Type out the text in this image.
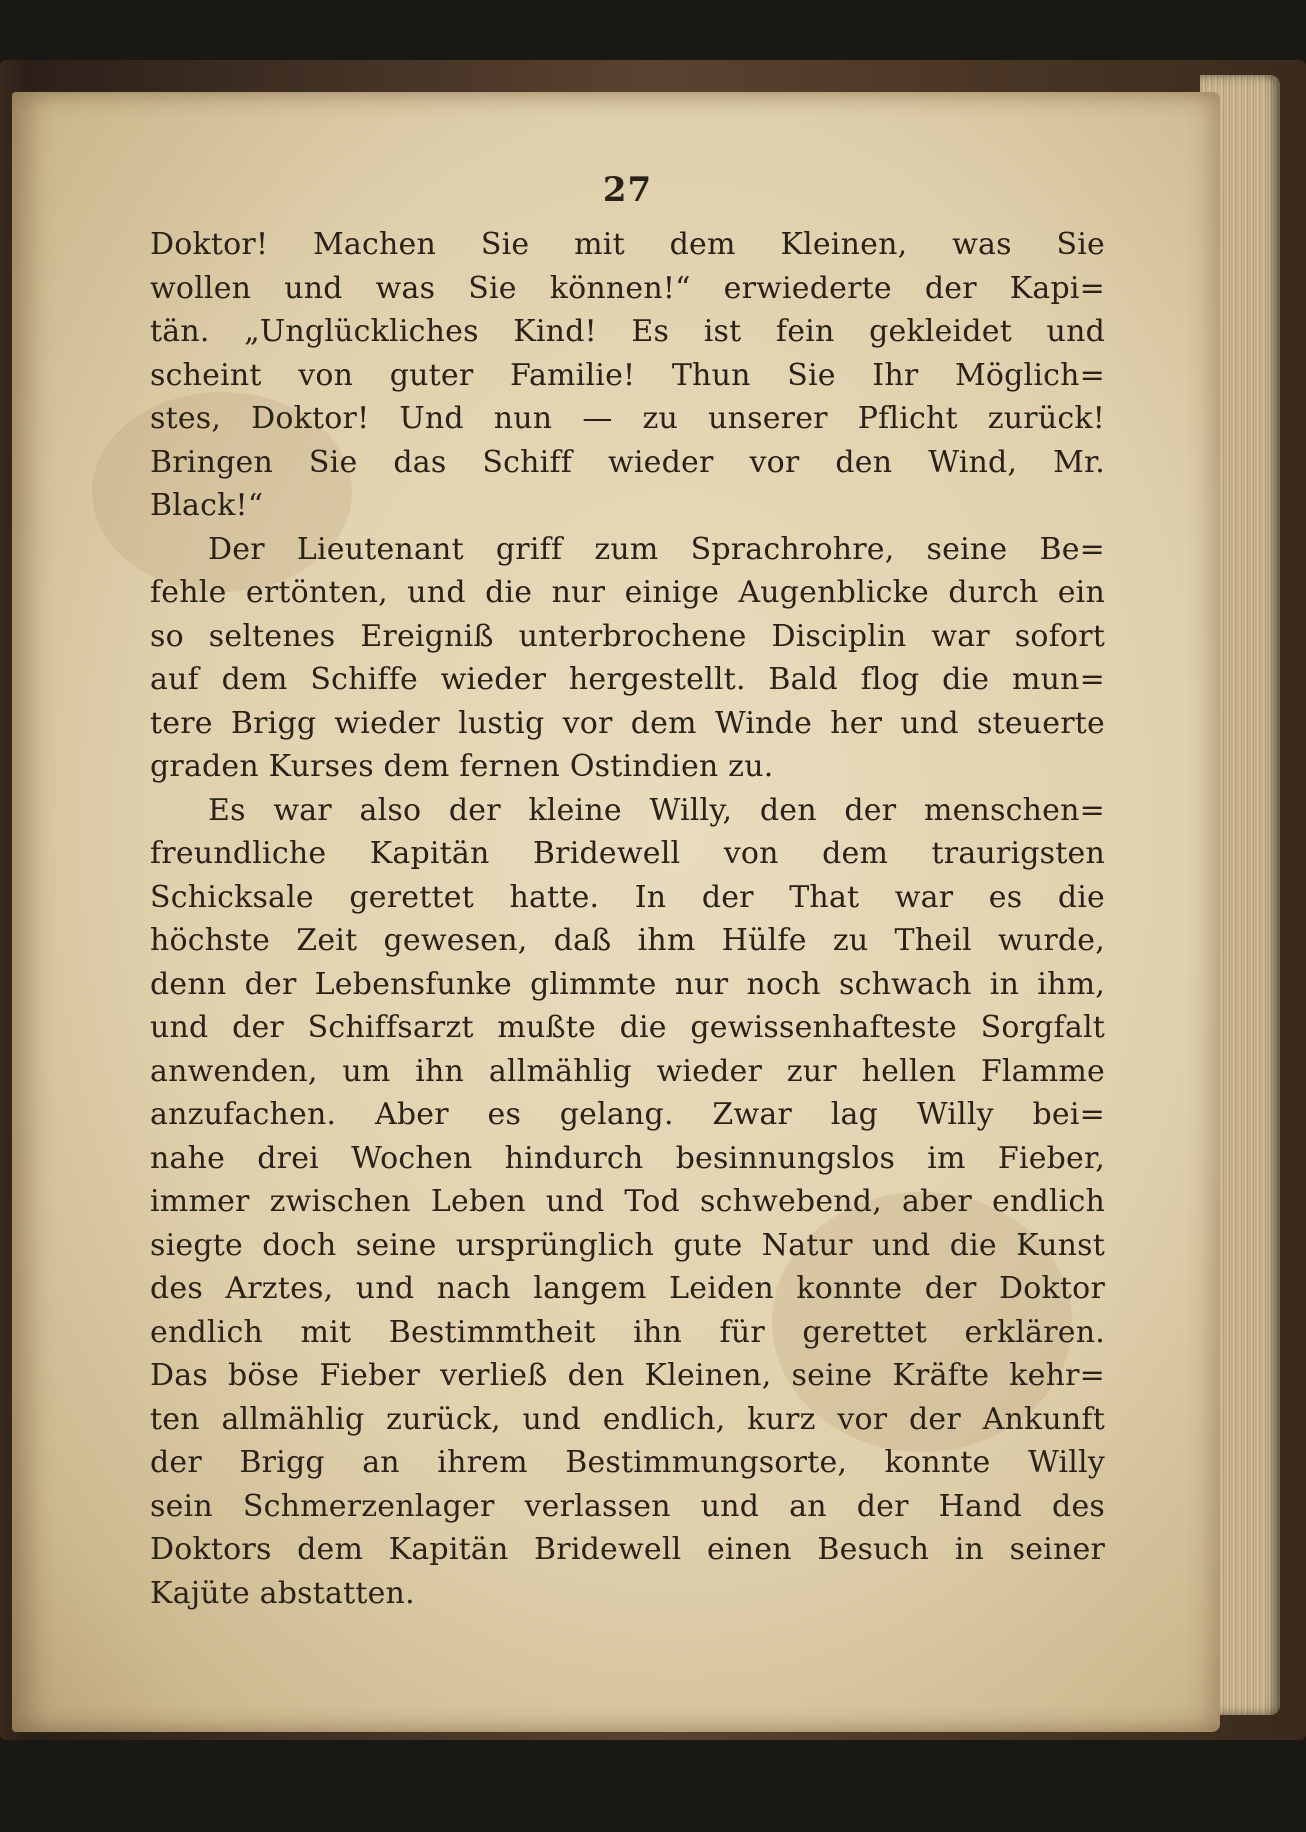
27
Doktor! Machen Sie mit dem Kleinen, was Sie
wollen und was Sie können!“ erwiederte der Kapi=
tän. „Unglückliches Kind! Es ist fein gekleidet und
scheint von guter Familie! Thun Sie Ihr Möglich=
stes, Doktor! Und nun — zu unserer Pflicht zurück!
Bringen Sie das Schiff wieder vor den Wind, Mr.
Black!“
Der Lieutenant griff zum Sprachrohre, seine Be=
fehle ertönten, und die nur einige Augenblicke durch ein
so seltenes Ereigniß unterbrochene Disciplin war sofort
auf dem Schiffe wieder hergestellt. Bald flog die mun=
tere Brigg wieder lustig vor dem Winde her und steuerte
graden Kurses dem fernen Ostindien zu.
Es war also der kleine Willy, den der menschen=
freundliche Kapitän Bridewell von dem traurigsten
Schicksale gerettet hatte. In der That war es die
höchste Zeit gewesen, daß ihm Hülfe zu Theil wurde,
denn der Lebensfunke glimmte nur noch schwach in ihm,
und der Schiffsarzt mußte die gewissenhafteste Sorgfalt
anwenden, um ihn allmählig wieder zur hellen Flamme
anzufachen. Aber es gelang. Zwar lag Willy bei=
nahe drei Wochen hindurch besinnungslos im Fieber,
immer zwischen Leben und Tod schwebend, aber endlich
siegte doch seine ursprünglich gute Natur und die Kunst
des Arztes, und nach langem Leiden konnte der Doktor
endlich mit Bestimmtheit ihn für gerettet erklären.
Das böse Fieber verließ den Kleinen, seine Kräfte kehr=
ten allmählig zurück, und endlich, kurz vor der Ankunft
der Brigg an ihrem Bestimmungsorte, konnte Willy
sein Schmerzenlager verlassen und an der Hand des
Doktors dem Kapitän Bridewell einen Besuch in seiner
Kajüte abstatten.
